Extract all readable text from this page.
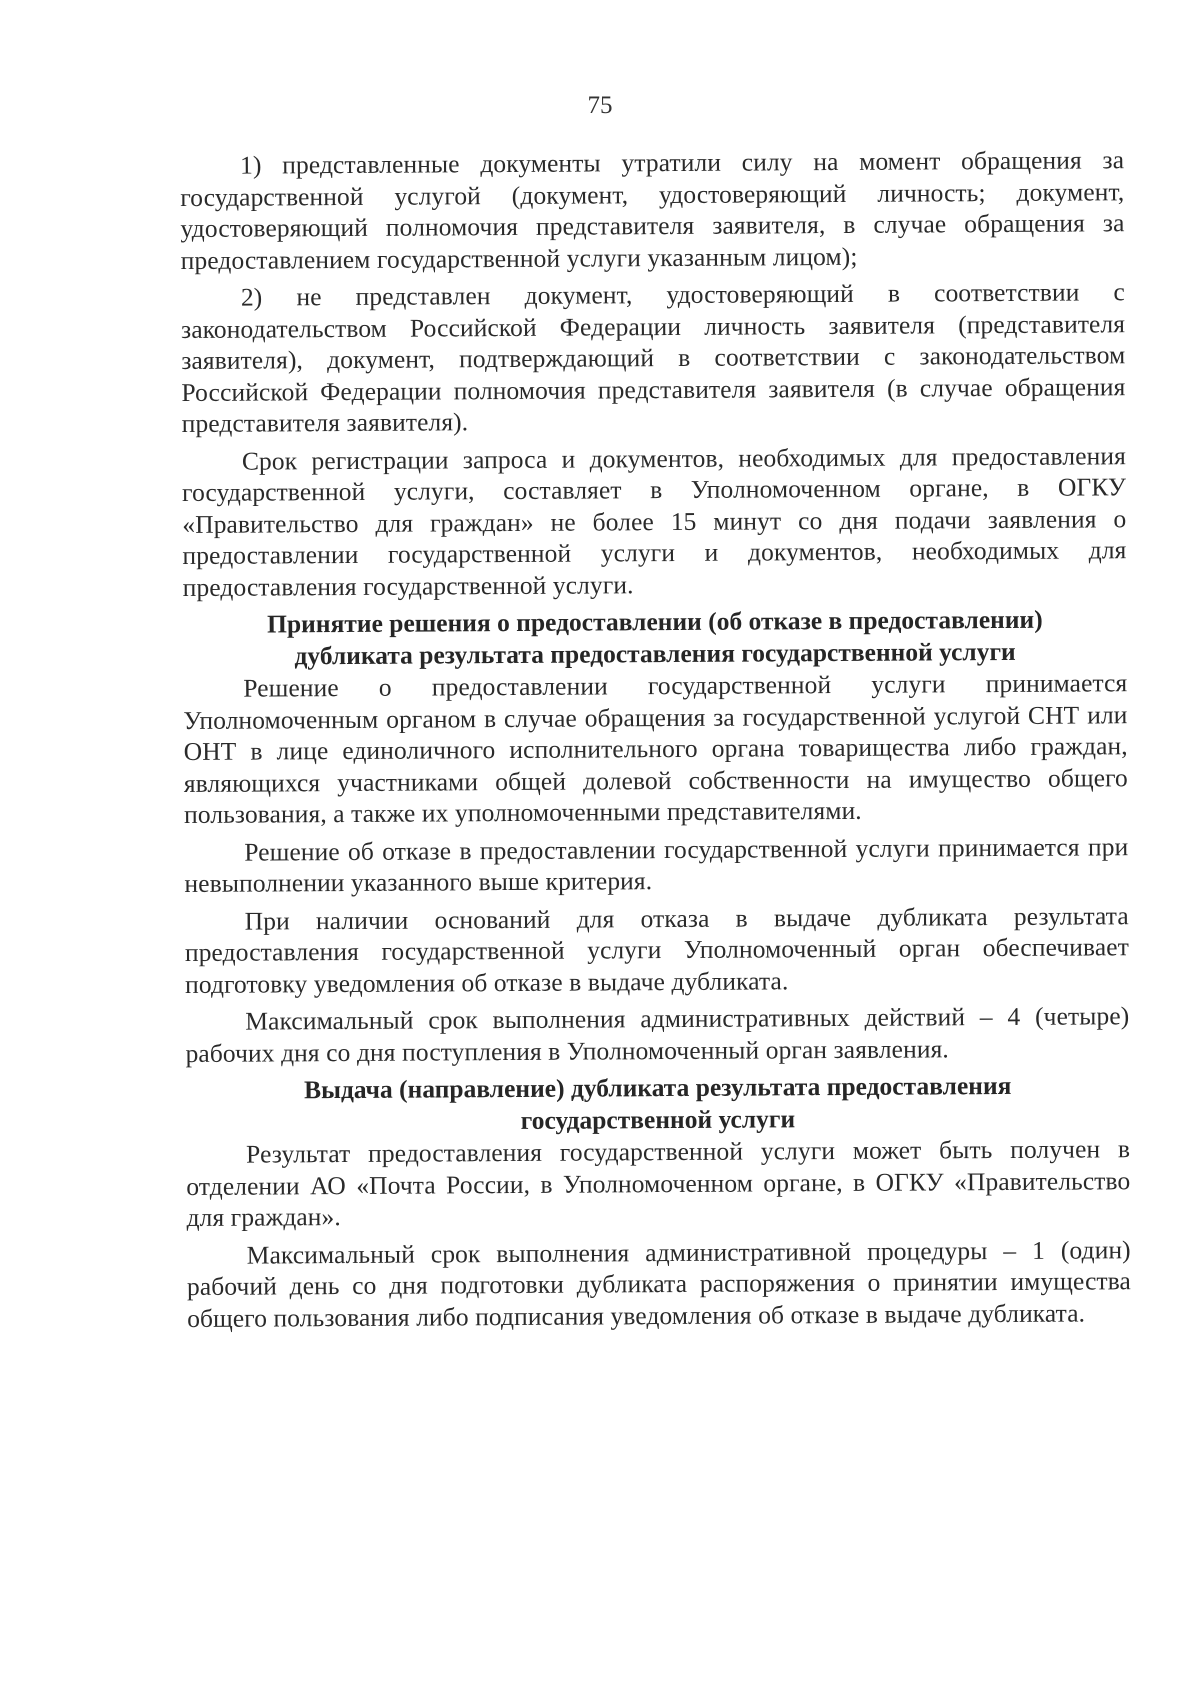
75

1) представленные документы утратили силу на момент обращения за государственной услугой (документ, удостоверяющий личность; документ, удостоверяющий полномочия представителя заявителя, в случае обращения за предоставлением государственной услуги указанным лицом);

2) не представлен документ, удостоверяющий в соответствии с законодательством Российской Федерации личность заявителя (представителя заявителя), документ, подтверждающий в соответствии с законодательством Российской Федерации полномочия представителя заявителя (в случае обращения представителя заявителя).

Срок регистрации запроса и документов, необходимых для предоставления государственной услуги, составляет в Уполномоченном органе, в ОГКУ «Правительство для граждан» не более 15 минут со дня подачи заявления о предоставлении государственной услуги и документов, необходимых для предоставления государственной услуги.

Принятие решения о предоставлении (об отказе в предоставлении)
дубликата результата предоставления государственной услуги

Решение о предоставлении государственной услуги принимается Уполномоченным органом в случае обращения за государственной услугой СНТ или ОНТ в лице единоличного исполнительного органа товарищества либо граждан, являющихся участниками общей долевой собственности на имущество общего пользования, а также их уполномоченными представителями.

Решение об отказе в предоставлении государственной услуги принимается при невыполнении указанного выше критерия.

При наличии оснований для отказа в выдаче дубликата результата предоставления государственной услуги Уполномоченный орган обеспечивает подготовку уведомления об отказе в выдаче дубликата.

Максимальный срок выполнения административных действий – 4 (четыре) рабочих дня со дня поступления в Уполномоченный орган заявления.

Выдача (направление) дубликата результата предоставления
государственной услуги

Результат предоставления государственной услуги может быть получен в отделении АО «Почта России, в Уполномоченном органе, в ОГКУ «Правительство для граждан».

Максимальный срок выполнения административной процедуры – 1 (один) рабочий день со дня подготовки дубликата распоряжения о принятии имущества общего пользования либо подписания уведомления об отказе в выдаче дубликата.
